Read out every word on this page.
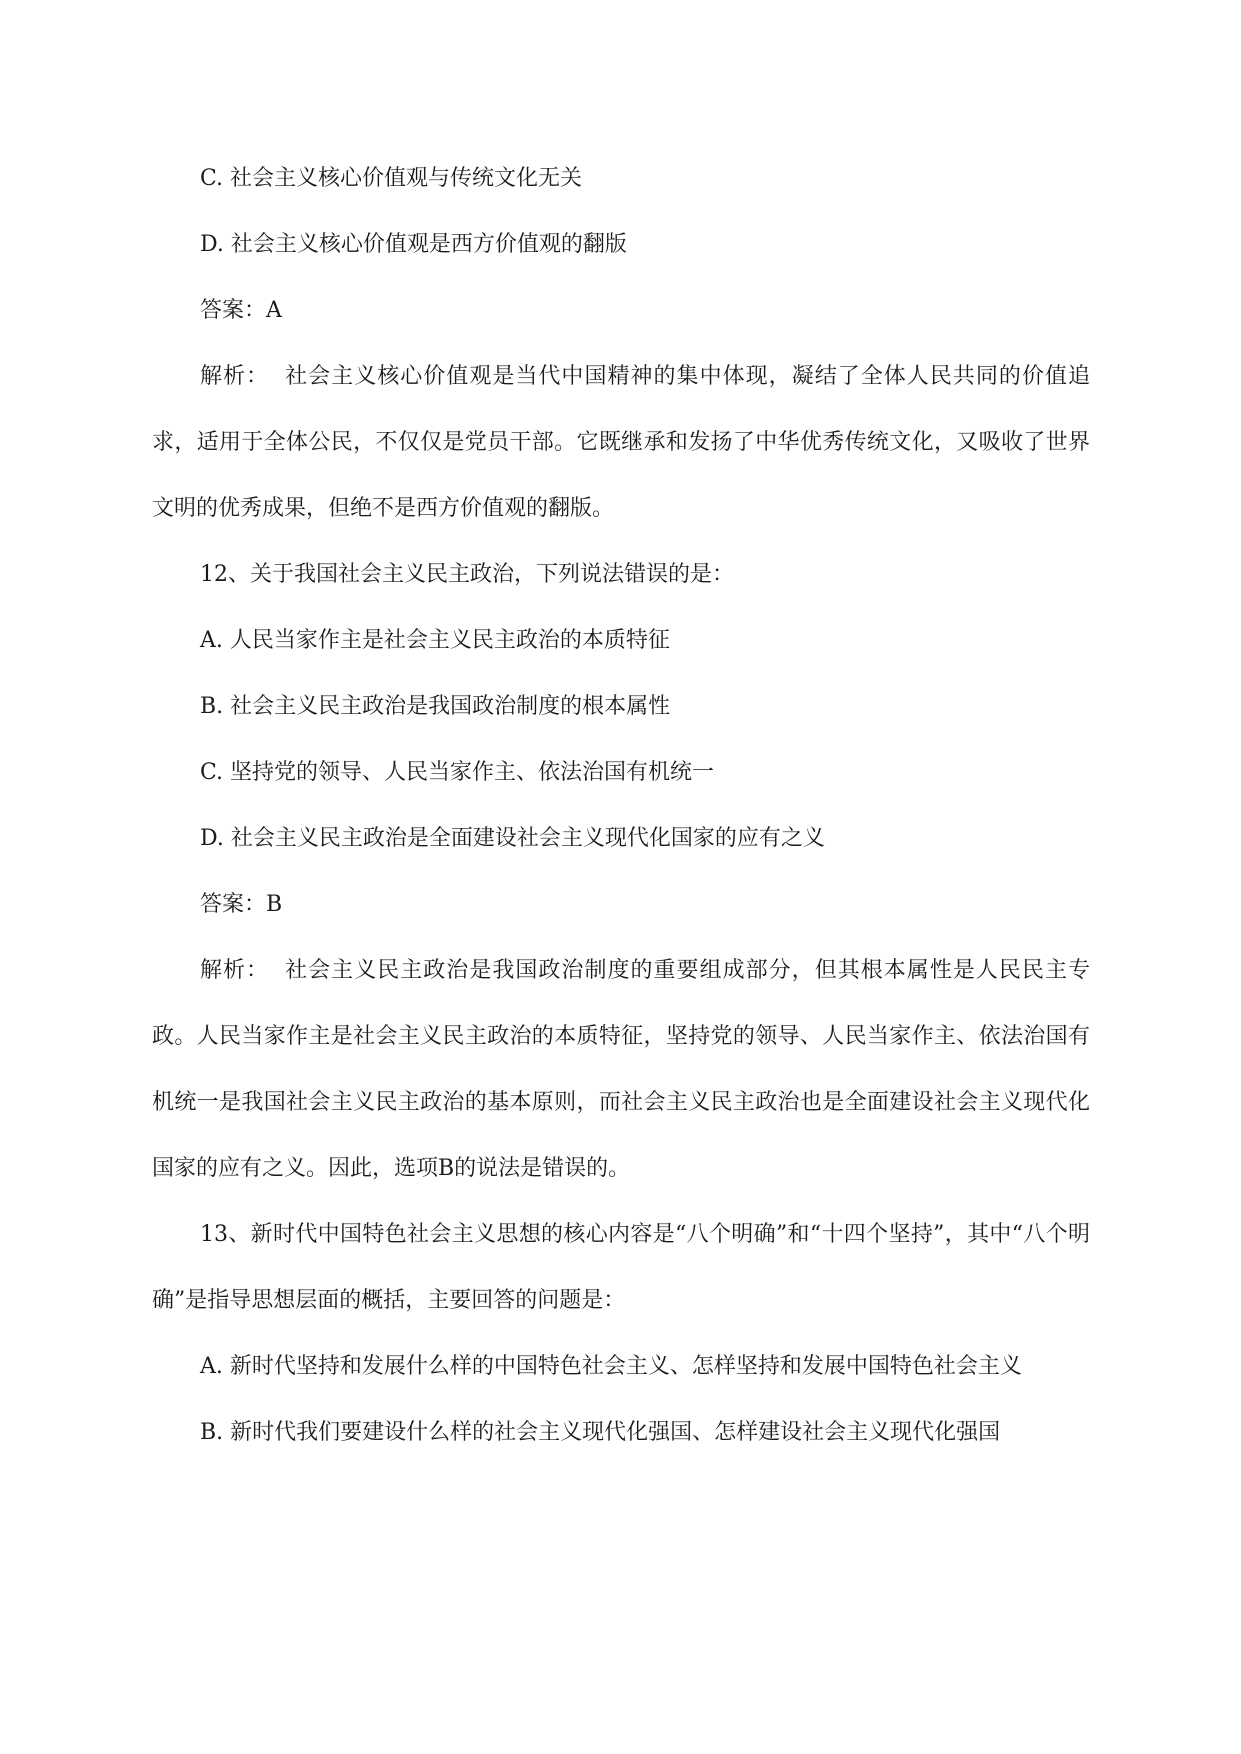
C. 社会主义核心价值观与传统文化无关

D. 社会主义核心价值观是西方价值观的翻版

答案：A

解析：  社会主义核心价值观是当代中国精神的集中体现，凝结了全体人民共同的价值追求，适用于全体公民，不仅仅是党员干部。它既继承和发扬了中华优秀传统文化，又吸收了世界文明的优秀成果，但绝不是西方价值观的翻版。

12、关于我国社会主义民主政治，下列说法错误的是：

A. 人民当家作主是社会主义民主政治的本质特征

B. 社会主义民主政治是我国政治制度的根本属性

C. 坚持党的领导、人民当家作主、依法治国有机统一

D. 社会主义民主政治是全面建设社会主义现代化国家的应有之义

答案：B

解析：  社会主义民主政治是我国政治制度的重要组成部分，但其根本属性是人民民主专政。人民当家作主是社会主义民主政治的本质特征，坚持党的领导、人民当家作主、依法治国有机统一是我国社会主义民主政治的基本原则，而社会主义民主政治也是全面建设社会主义现代化国家的应有之义。因此，选项B的说法是错误的。

13、新时代中国特色社会主义思想的核心内容是“八个明确”和“十四个坚持”，其中“八个明确”是指导思想层面的概括，主要回答的问题是：

A. 新时代坚持和发展什么样的中国特色社会主义、怎样坚持和发展中国特色社会主义

B. 新时代我们要建设什么样的社会主义现代化强国、怎样建设社会主义现代化强国
